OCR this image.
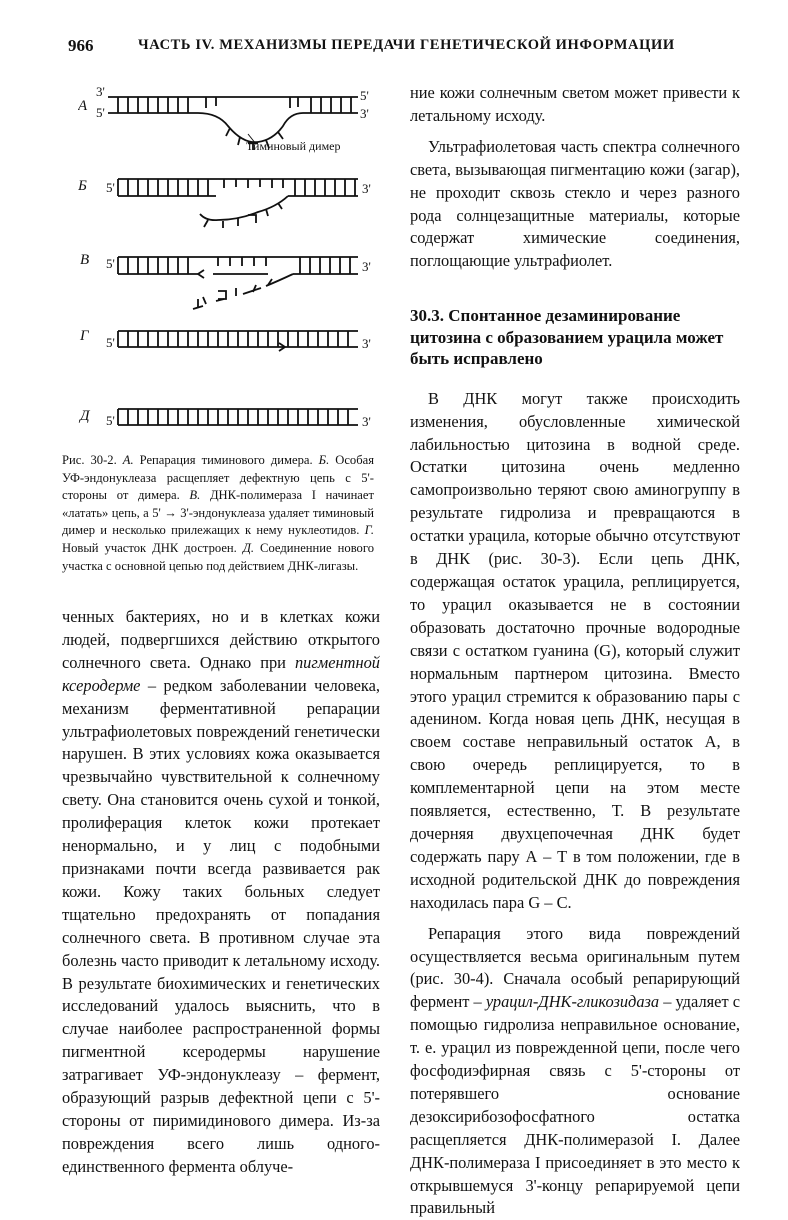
966	ЧАСТЬ IV. МЕХАНИЗМЫ ПЕРЕДАЧИ ГЕНЕТИЧЕСКОЙ ИНФОРМАЦИИ
А
3'
5'
5'
3'
Тиминовый димер
Б 5'	3'
В 5'	3'
Г 5'	3'
Д 5'	3'
Рис. 30-2. А. Репарация тиминового димера. Б. Особая УФ-эндонуклеаза расщепляет дефектную цепь с 5'-стороны от димера. В. ДНК-полимераза I начинает «латать» цепь, а 5' → 3'-эндонуклеаза удаляет тиминовый димер и несколько прилежащих к нему нуклеотидов. Г. Новый участок ДНК достроен. Д. Соединенние нового участка с основной цепью под действием ДНК-лигазы.

ченных бактериях, но и в клетках кожи людей, подвергшихся действию открытого солнечного света. Однако при пигментной ксеродерме – редком заболевании человека, механизм ферментативной репарации ультрафиолетовых повреждений генетически нарушен. В этих условиях кожа оказывается чрезвычайно чувствительной к солнечному свету. Она становится очень сухой и тонкой, пролиферация клеток кожи протекает ненормально, и у лиц с подобными признаками почти всегда развивается рак кожи. Кожу таких больных следует тщательно предохранять от попадания солнечного света. В противном случае эта болезнь часто приводит к летальному исходу. В результате биохимических и генетических исследований удалось выяснить, что в случае наиболее распространенной формы пигментной ксеродермы нарушение затрагивает УФ-эндонуклеазу – фермент, образующий разрыв дефектной цепи с 5'-стороны от пиримидинового димера. Из-за повреждения всего лишь одного-единственного фермента облуче-

ние кожи солнечным светом может привести к летальному исходу.

Ультрафиолетовая часть спектра солнечного света, вызывающая пигментацию кожи (загар), не проходит сквозь стекло и через разного рода солнцезащитные материалы, которые содержат химические соединения, поглощающие ультрафиолет.

30.3. Спонтанное дезаминирование цитозина с образованием урацила может быть исправлено

В ДНК могут также происходить изменения, обусловленные химической лабильностью цитозина в водной среде. Остатки цитозина очень медленно самопроизвольно теряют свою аминогруппу в результате гидролиза и превращаются в остатки урацила, которые обычно отсутствуют в ДНК (рис. 30-3). Если цепь ДНК, содержащая остаток урацила, реплицируется, то урацил оказывается не в состоянии образовать достаточно прочные водородные связи с остатком гуанина (G), который служит нормальным партнером цитозина. Вместо этого урацил стремится к образованию пары с аденином. Когда новая цепь ДНК, несущая в своем составе неправильный остаток А, в свою очередь реплицируется, то в комплементарной цепи на этом месте появляется, естественно, Т. В результате дочерняя двухцепочечная ДНК будет содержать пару А – Т в том положении, где в исходной родительской ДНК до повреждения находилась пара G – C.

Репарация этого вида повреждений осуществляется весьма оригинальным путем (рис. 30-4). Сначала особый репарирующий фермент – урацил-ДНК-гликозидаза – удаляет с помощью гидролиза неправильное основание, т. е. урацил из поврежденной цепи, после чего фосфодиэфирная связь с 5'-стороны от потерявшего основание дезоксирибозофосфатного остатка расщепляется ДНК-полимеразой I. Далее ДНК-полимераза I присоединяет в это место к открывшемуся 3'-концу репарируемой цепи правильный
